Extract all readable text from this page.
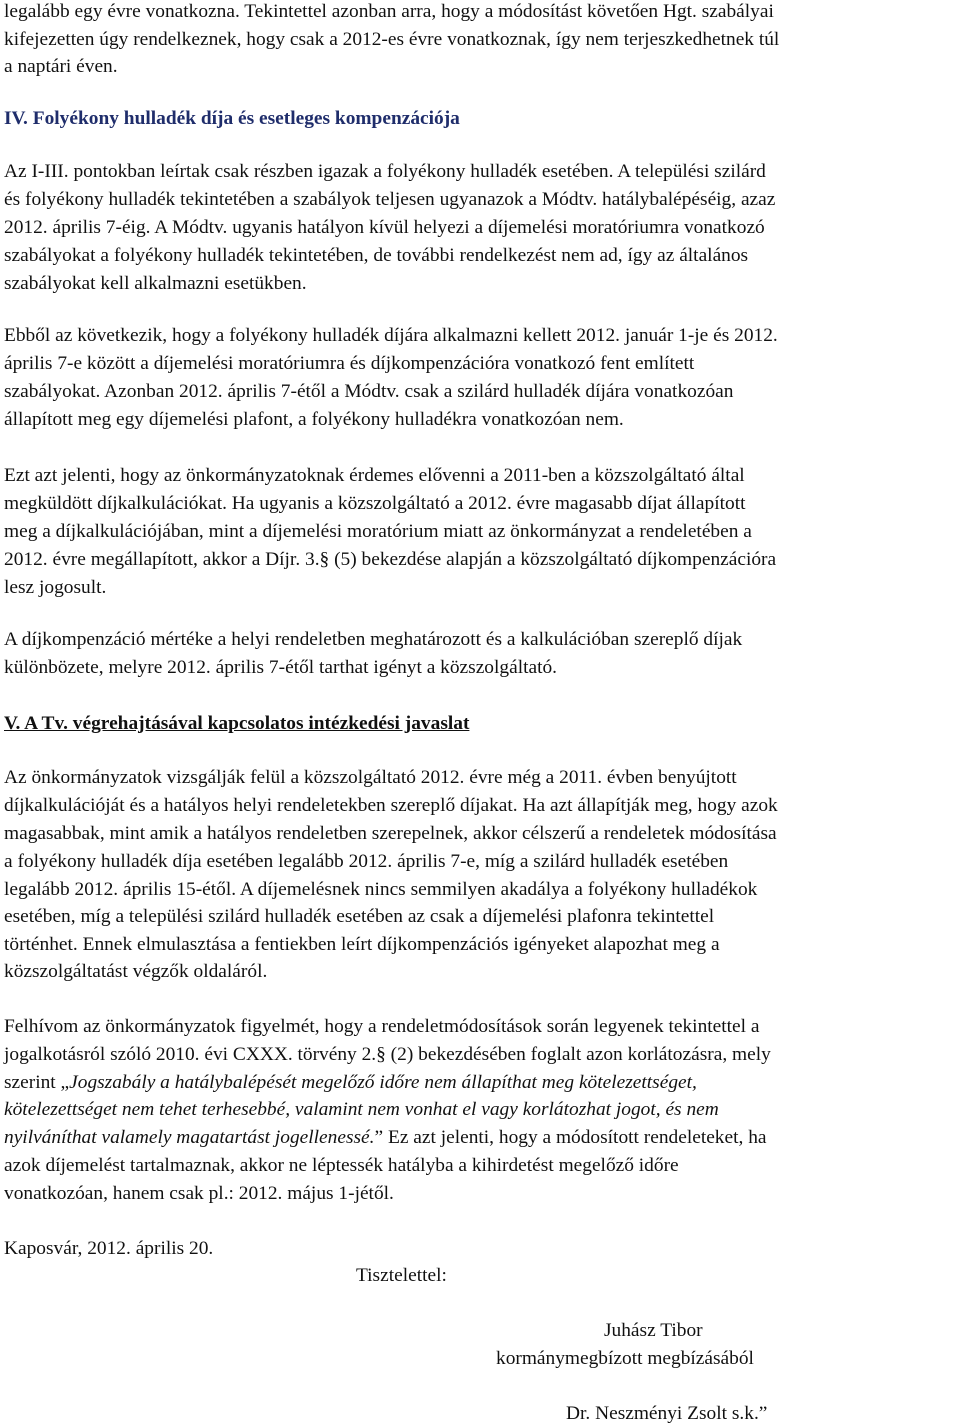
legalább egy évre vonatkozna. Tekintettel azonban arra, hogy a módosítást követően Hgt. szabályai
kifejezetten úgy rendelkeznek, hogy csak a 2012-es évre vonatkoznak, így nem terjeszkedhetnek túl
a naptári éven.
IV. Folyékony hulladék díja és esetleges kompenzációja
Az I-III. pontokban leírtak csak részben igazak a folyékony hulladék esetében. A települési szilárd
és folyékony hulladék tekintetében a szabályok teljesen ugyanazok a Módtv. hatálybalépéséig, azaz
2012. április 7-éig. A Módtv. ugyanis hatályon kívül helyezi a díjemelési moratóriumra vonatkozó
szabályokat a folyékony hulladék tekintetében, de további rendelkezést nem ad, így az általános
szabályokat kell alkalmazni esetükben.
Ebből az következik, hogy a folyékony hulladék díjára alkalmazni kellett 2012. január 1-je és 2012.
április 7-e között a díjemelési moratóriumra és díjkompenzációra vonatkozó fent említett
szabályokat. Azonban 2012. április 7-étől a Módtv. csak a szilárd hulladék díjára vonatkozóan
állapított meg egy díjemelési plafont, a folyékony hulladékra vonatkozóan nem.
Ezt azt jelenti, hogy az önkormányzatoknak érdemes elővenni a 2011-ben a közszolgáltató által
megküldött díjkalkulációkat. Ha ugyanis a közszolgáltató a 2012. évre magasabb díjat állapított
meg a díjkalkulációjában, mint a díjemelési moratórium miatt az önkormányzat a rendeletében a
2012. évre megállapított, akkor a Díjr. 3.§ (5) bekezdése alapján a közszolgáltató díjkompenzációra
lesz jogosult.
A díjkompenzáció mértéke a helyi rendeletben meghatározott és a kalkulációban szereplő díjak
különbözete, melyre 2012. április 7-étől tarthat igényt a közszolgáltató.
V. A Tv. végrehajtásával kapcsolatos intézkedési javaslat
Az önkormányzatok vizsgálják felül a közszolgáltató 2012. évre még a 2011. évben benyújtott
díjkalkulációját és a hatályos helyi rendeletekben szereplő díjakat. Ha azt állapítják meg, hogy azok
magasabbak, mint amik a hatályos rendeletben szerepelnek, akkor célszerű a rendeletek módosítása
a folyékony hulladék díja esetében legalább 2012. április 7-e, míg a szilárd hulladék esetében
legalább 2012. április 15-étől. A díjemelésnek nincs semmilyen akadálya a folyékony hulladékok
esetében, míg a települési szilárd hulladék esetében az csak a díjemelési plafonra tekintettel
történhet. Ennek elmulasztása a fentiekben leírt díjkompenzációs igényeket alapozhat meg a
közszolgáltatást végzők oldaláról.
Felhívom az önkormányzatok figyelmét, hogy a rendeletmódosítások során legyenek tekintettel a
jogalkotásról szóló 2010. évi CXXX. törvény 2.§ (2) bekezdésében foglalt azon korlátozásra, mely
szerint „Jogszabály a hatálybalépését megelőző időre nem állapíthat meg kötelezettséget,
kötelezettséget nem tehet terhesebbé, valamint nem vonhat el vagy korlátozhat jogot, és nem
nyilváníthat valamely magatartást jogellenessé.” Ez azt jelenti, hogy a módosított rendeleteket, ha
azok díjemelést tartalmaznak, akkor ne léptessék hatályba a kihirdetést megelőző időre
vonatkozóan, hanem csak pl.: 2012. május 1-jétől.
Kaposvár, 2012. április 20.
Tisztelettel:
Juhász Tibor
kormánymegbízott megbízásából
Dr. Neszményi Zsolt s.k.”
